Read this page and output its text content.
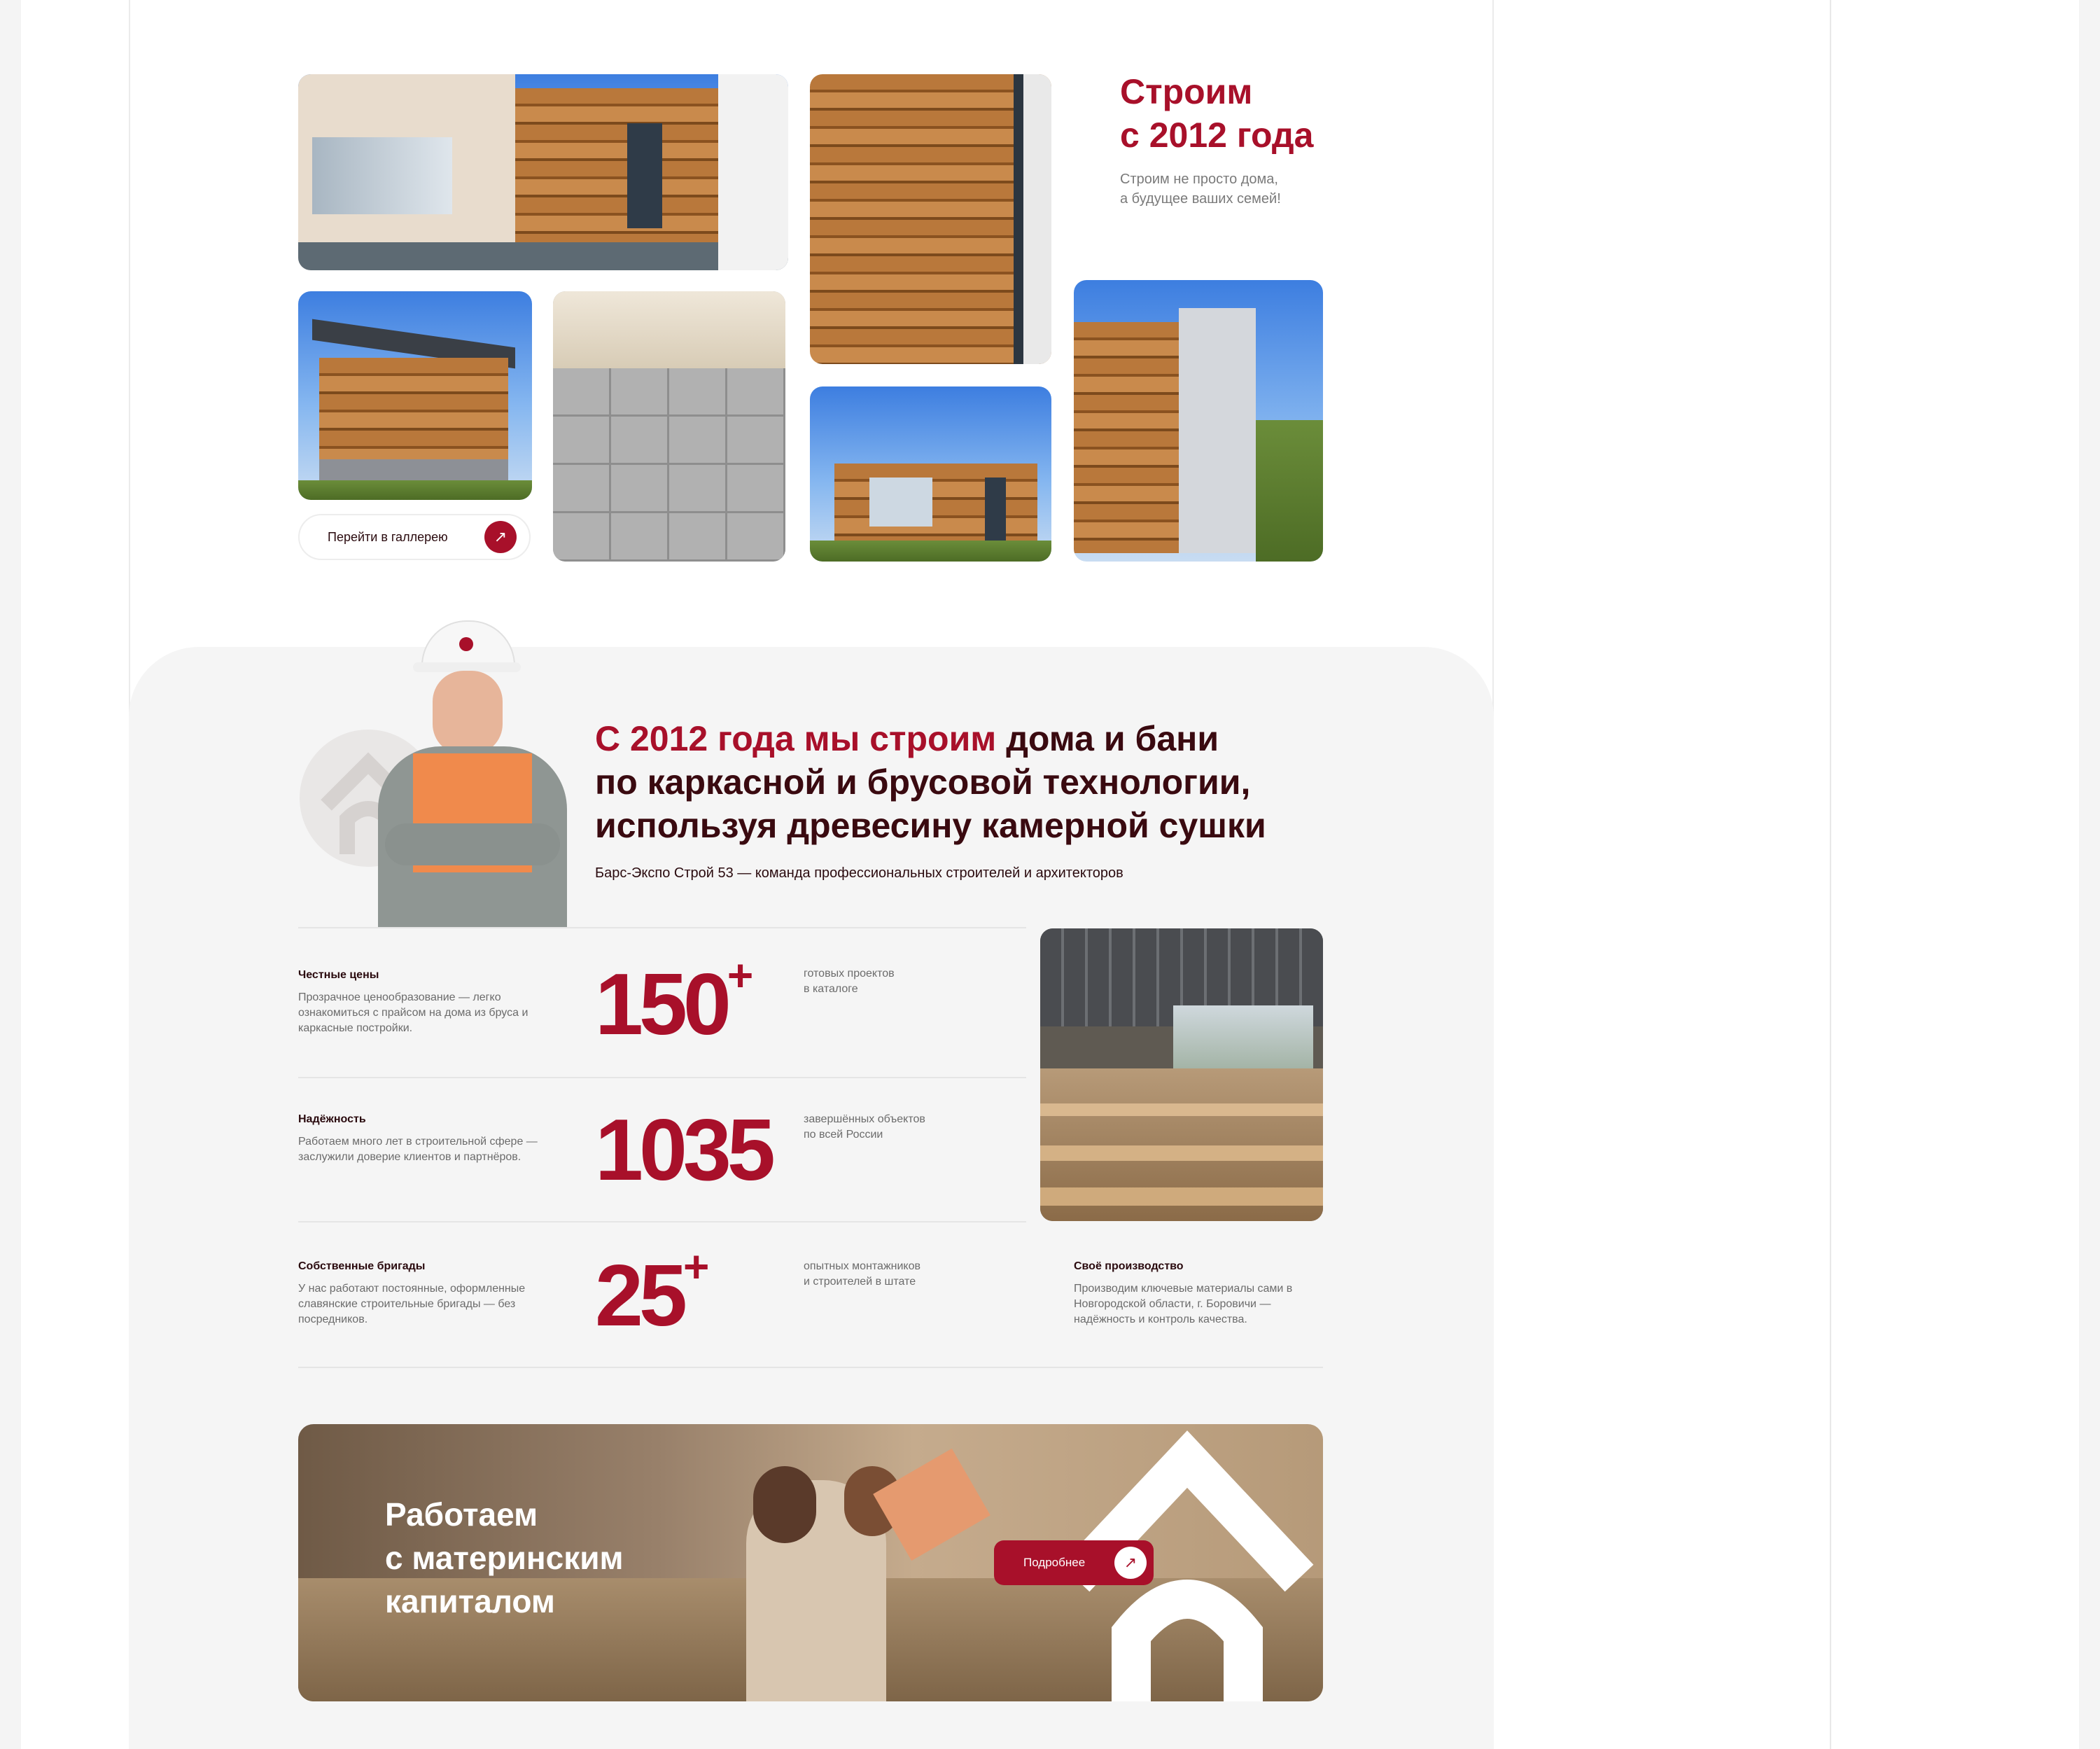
Строим
с 2012 года
Строим не просто дома,
а будущее ваших семей!
Перейти в галлерею	↗
С 2012 года мы строим дома и бани
по каркасной и брусовой технологии,
используя древесину камерной сушки
Барс-Экспо Строй 53 — команда профессиональных строителей и архитекторов
Честные цены
Прозрачное ценообразование — легко ознакомиться с прайсом на дома из бруса и каркасные постройки.	150+	готовых проектов
в каталоге
Надёжность
Работаем много лет в строительной сфере — заслужили доверие клиентов и партнёров. 1035	завершённых объектов
по всей России
Собственные бригады
У нас работают постоянные, оформленные славянские строительные бригады — без посредников.	25+	опытных монтажников
и строителей в штате
Своё производство
Производим ключевые материалы сами в Новгородской области, г. Боровичи — надёжность и контроль качества.
Работаем
с материнским
капиталом
Подробнее	↗
